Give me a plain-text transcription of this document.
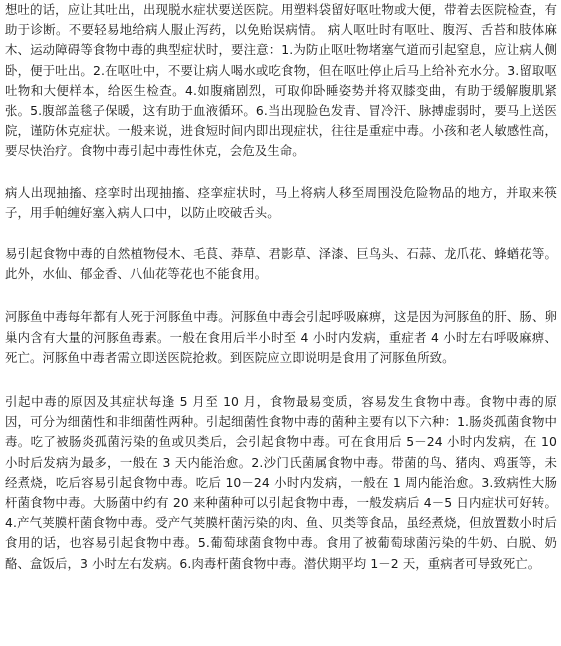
想吐的话，应让其吐出，出现脱水症状要送医院。用塑料袋留好呕吐物或大便，带着去医院检查，有助于诊断。不要轻易地给病人服止泻药，以免贻误病情。 病人呕吐时有呕吐、腹泻、舌苔和肢体麻木、运动障碍等食物中毒的典型症状时，要注意：1.为防止呕吐物堵塞气道而引起窒息，应让病人侧卧，便于吐出。2.在呕吐中，不要让病人喝水或吃食物，但在呕吐停止后马上给补充水分。3.留取呕吐物和大便样本，给医生检查。4.如腹痛剧烈，可取仰卧睡姿势并将双膝变曲，有助于缓解腹肌紧张。5.腹部盖毯子保暖，这有助于血液循环。6.当出现脸色发青、冒冷汗、脉搏虚弱时，要马上送医院，谨防休克症状。一般来说，进食短时间内即出现症状，往往是重症中毒。小孩和老人敏感性高，要尽快治疗。食物中毒引起中毒性休克，会危及生命。

病人出现抽搐、痉挛时出现抽搐、痉挛症状时，马上将病人移至周围没危险物品的地方，并取来筷子，用手帕缠好塞入病人口中，以防止咬破舌头。

易引起食物中毒的自然植物侵木、毛茛、莽草、君影草、泽漆、巨鸟头、石蒜、龙爪花、蜂蝤花等。此外，水仙、郁金香、八仙花等花也不能食用。

河豚鱼中毒每年都有人死于河豚鱼中毒。河豚鱼中毒会引起呼吸麻痹，这是因为河豚鱼的肝、肠、卵巢内含有大量的河豚鱼毒素。一般在食用后半小时至 4 小时内发病，重症者 4 小时左右呼吸麻痹、死亡。河豚鱼中毒者需立即送医院抢救。到医院应立即说明是食用了河豚鱼所致。

引起中毒的原因及其症状每逢 5 月至 10 月，食物最易变质，容易发生食物中毒。食物中毒的原因，可分为细菌性和非细菌性两种。引起细菌性食物中毒的菌种主要有以下六种：1.肠炎孤菌食物中毒。吃了被肠炎孤菌污染的鱼或贝类后，会引起食物中毒。可在食用后 5－24 小时内发病，在 10 小时后发病为最多，一般在 3 天内能治愈。2.沙门氏菌属食物中毒。带菌的鸟、猪肉、鸡蛋等，未经煮烧，吃后容易引起食物中毒。吃后 10－24 小时内发病，一般在 1 周内能治愈。3.致病性大肠杆菌食物中毒。大肠菌中约有 20 来种菌种可以引起食物中毒，一般发病后 4－5 日内症状可好转。4.产气荚膜杆菌食物中毒。受产气荚膜杆菌污染的肉、鱼、贝类等食品，虽经煮烧，但放置数小时后食用的话，也容易引起食物中毒。5.葡萄球菌食物中毒。食用了被葡萄球菌污染的牛奶、白脱、奶酪、盒饭后，3 小时左右发病。6.肉毒杆菌食物中毒。潜伏期平均 1－2 天，重病者可导致死亡。
